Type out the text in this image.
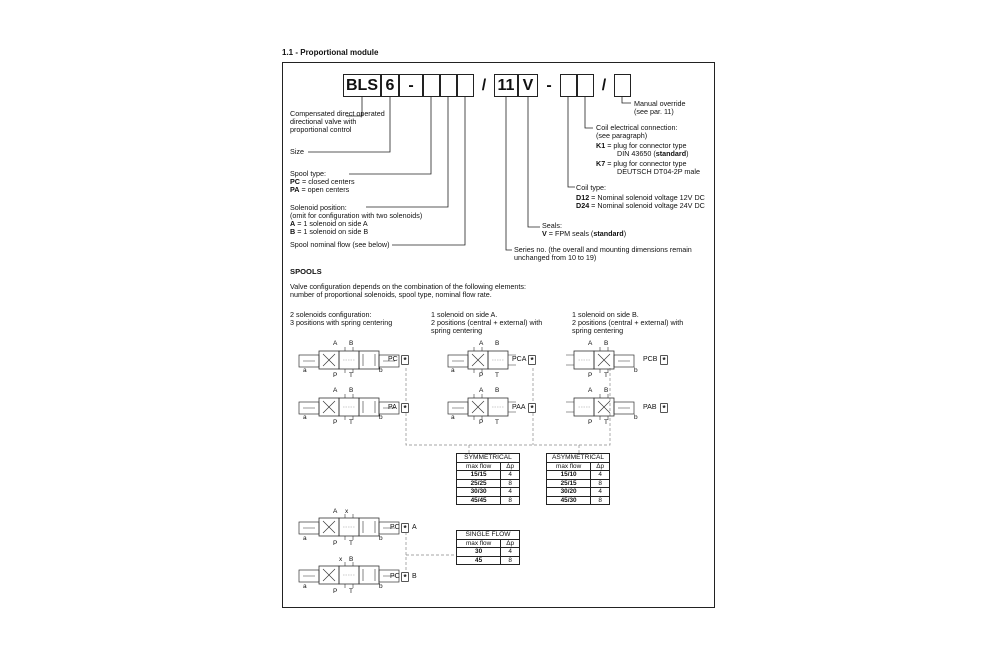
1.1 - Proportional module
BLS 6 -	/ 11 V -	/
Compensated direct operated
directional valve with
proportional control
Size
Spool type:
PC = closed centers
PA = open centers
Solenoid position:
(omit for configuration with two solenoids)
A = 1 solenoid on side A
B = 1 solenoid on side B
Spool nominal flow (see below)
Manual override
(see par. 11)
Coil electrical connection:
(see paragraph)
K1 = plug for connector type
DIN 43650 (standard)
K7 = plug for connector type
DEUTSCH DT04-2P male
Coil type:
D12 = Nominal solenoid voltage 12V DC
D24 = Nominal solenoid voltage 24V DC
Seals:
V = FPM seals (standard)
Series no. (the overall and mounting dimensions remain
unchanged from 10 to 19)
SPOOLS
Valve configuration depends on the combination of the following elements:
number of proportional solenoids, spool type, nominal flow rate.
2 solenoids configuration:
3 positions with spring centering
1 solenoid on side A.
2 positions (central + external) with
spring centering
1 solenoid on side B.
2 positions (central + external) with
spring centering
A B
P T
a	b
A B
P T
a	b
A B
P T
a
A B
P T
a
A B
P T
b
A B
P T
b
A x
P T
a	b
x B
P T
a	b
PC *
PA *
PCA *
PAA *
PCB *
PAB *
PC * A
PC * B
SYMMETRICAL	
max flow	Δp
15/15	4
25/25	8
30/30	4
45/45	8
ASYMMETRICAL	
max flow	Δp
15/10	4
25/15	8
30/20	4
45/30	8
SINGLE FLOW	
max flow	Δp
30	4
45	8
